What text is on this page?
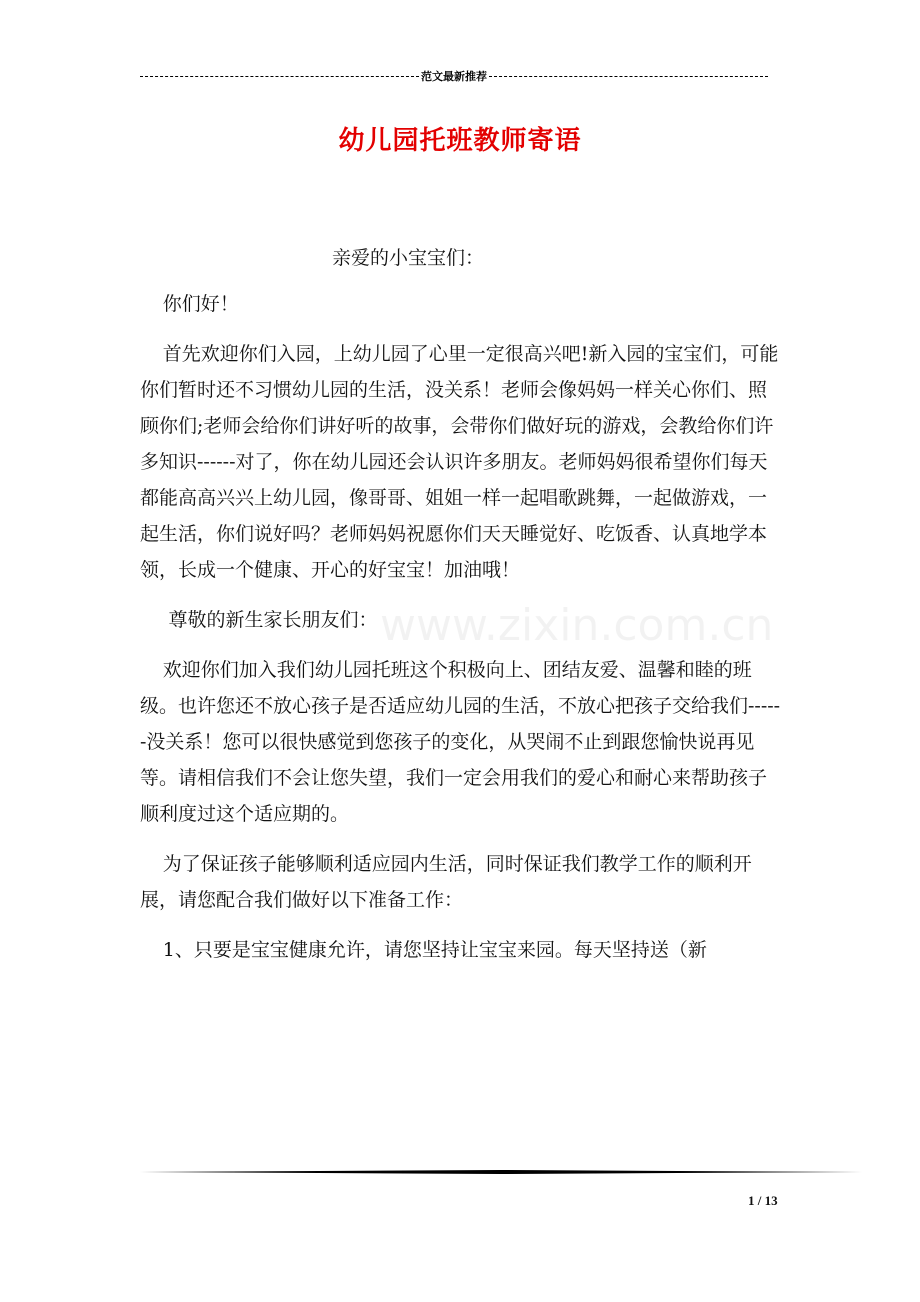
范文最新推荐
幼儿园托班教师寄语
www.zixin.com.cn

亲爱的小宝宝们：

你们好！

首先欢迎你们入园，上幼儿园了心里一定很高兴吧!新入园的宝宝们，可能你们暂时还不习惯幼儿园的生活，没关系！老师会像妈妈一样关心你们、照顾你们;老师会给你们讲好听的故事，会带你们做好玩的游戏，会教给你们许多知识------对了，你在幼儿园还会认识许多朋友。老师妈妈很希望你们每天都能高高兴兴上幼儿园，像哥哥、姐姐一样一起唱歌跳舞，一起做游戏，一起生活，你们说好吗？老师妈妈祝愿你们天天睡觉好、吃饭香、认真地学本领，长成一个健康、开心的好宝宝！加油哦！

尊敬的新生家长朋友们：

欢迎你们加入我们幼儿园托班这个积极向上、团结友爱、温馨和睦的班级。也许您还不放心孩子是否适应幼儿园的生活，不放心把孩子交给我们------没关系！您可以很快感觉到您孩子的变化，从哭闹不止到跟您愉快说再见等。请相信我们不会让您失望，我们一定会用我们的爱心和耐心来帮助孩子顺利度过这个适应期的。

为了保证孩子能够顺利适应园内生活，同时保证我们教学工作的顺利开展，请您配合我们做好以下准备工作：

1、只要是宝宝健康允许，请您坚持让宝宝来园。每天坚持送（新

1 / 13
